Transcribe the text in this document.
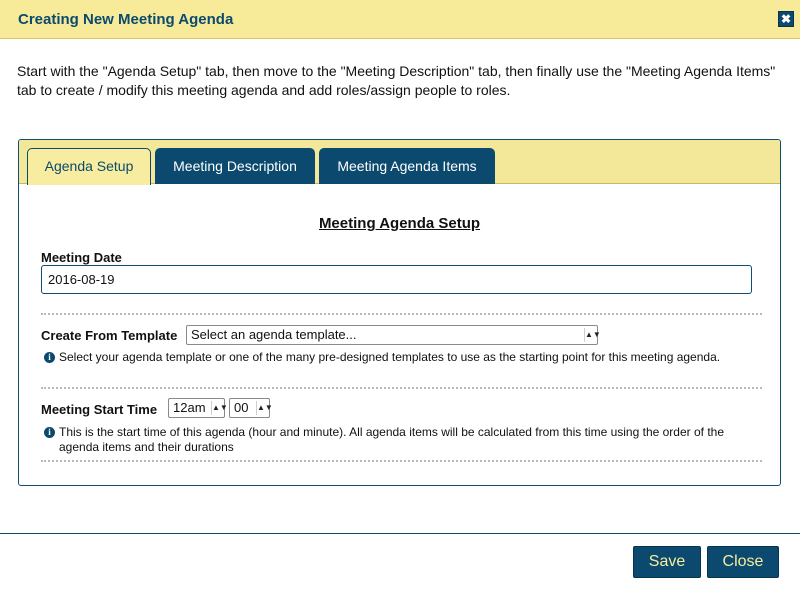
Creating New Meeting Agenda	✖
Start with the "Agenda Setup" tab, then move to the "Meeting Description" tab, then finally use the "Meeting Agenda Items" tab to create / modify this meeting agenda and add roles/assign people to roles.
Agenda Setup	Meeting Description	Meeting Agenda Items
Meeting Agenda Setup
Meeting Date
2016-08-19
Create From Template	Select an agenda template...	▲▼
i Select your agenda template or one of the many pre-designed templates to use as the starting point for this meeting agenda.
Meeting Start Time	12am ▲▼ 00 ▲▼
i This is the start time of this agenda (hour and minute). All agenda items will be calculated from this time using the order of the agenda items and their durations
Save	Close
